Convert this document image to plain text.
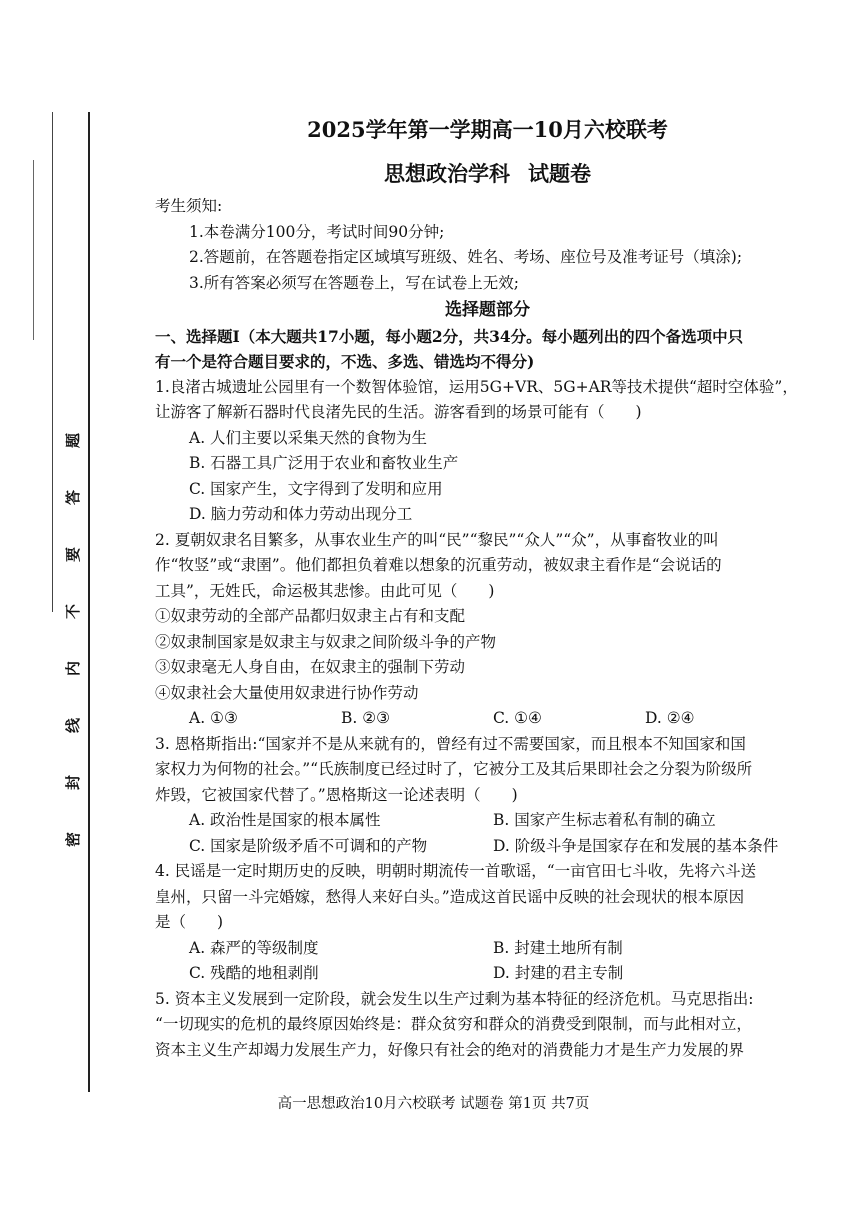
题
答
要
不
内
线
封
密
2025学年第一学期高一10月六校联考
思想政治学科 试题卷
考生须知:
1.本卷满分100分，考试时间90分钟;
2.答题前，在答题卷指定区域填写班级、姓名、考场、座位号及准考证号（填涂);
3.所有答案必须写在答题卷上，写在试卷上无效;
选择题部分
一、选择题Ⅰ（本大题共17小题，每小题2分，共34分。每小题列出的四个备选项中只
有一个是符合题目要求的，不选、多选、错选均不得分)
1.良渚古城遗址公园里有一个数智体验馆，运用5G+VR、5G+AR等技术提供“超时空体验”，
让游客了解新石器时代良渚先民的生活。游客看到的场景可能有（　　)
A. 人们主要以采集天然的食物为生
B. 石器工具广泛用于农业和畜牧业生产
C. 国家产生，文字得到了发明和应用
D. 脑力劳动和体力劳动出现分工
2. 夏朝奴隶名目繁多，从事农业生产的叫“民”“黎民”“众人”“众”，从事畜牧业的叫
作“牧竖”或“隶圉”。他们都担负着难以想象的沉重劳动，被奴隶主看作是“会说话的
工具”，无姓氏，命运极其悲惨。由此可见（　　)
①奴隶劳动的全部产品都归奴隶主占有和支配
②奴隶制国家是奴隶主与奴隶之间阶级斗争的产物
③奴隶毫无人身自由，在奴隶主的强制下劳动
④奴隶社会大量使用奴隶进行协作劳动
A. ①③	B. ②③	C. ①④	D. ②④
3. 恩格斯指出:“国家并不是从来就有的，曾经有过不需要国家，而且根本不知国家和国
家权力为何物的社会。”“氏族制度已经过时了，它被分工及其后果即社会之分裂为阶级所
炸毁，它被国家代替了。”恩格斯这一论述表明（　　)
A. 政治性是国家的根本属性	B. 国家产生标志着私有制的确立
C. 国家是阶级矛盾不可调和的产物	D. 阶级斗争是国家存在和发展的基本条件
4. 民谣是一定时期历史的反映，明朝时期流传一首歌谣，“一亩官田七斗收，先将六斗送
皇州，只留一斗完婚嫁，愁得人来好白头。”造成这首民谣中反映的社会现状的根本原因
是（　　)
A. 森严的等级制度	B. 封建土地所有制
C. 残酷的地租剥削	D. 封建的君主专制
5. 资本主义发展到一定阶段，就会发生以生产过剩为基本特征的经济危机。马克思指出:
“一切现实的危机的最终原因始终是：群众贫穷和群众的消费受到限制，而与此相对立，
资本主义生产却竭力发展生产力，好像只有社会的绝对的消费能力才是生产力发展的界
高一思想政治10月六校联考 试题卷 第1页 共7页
